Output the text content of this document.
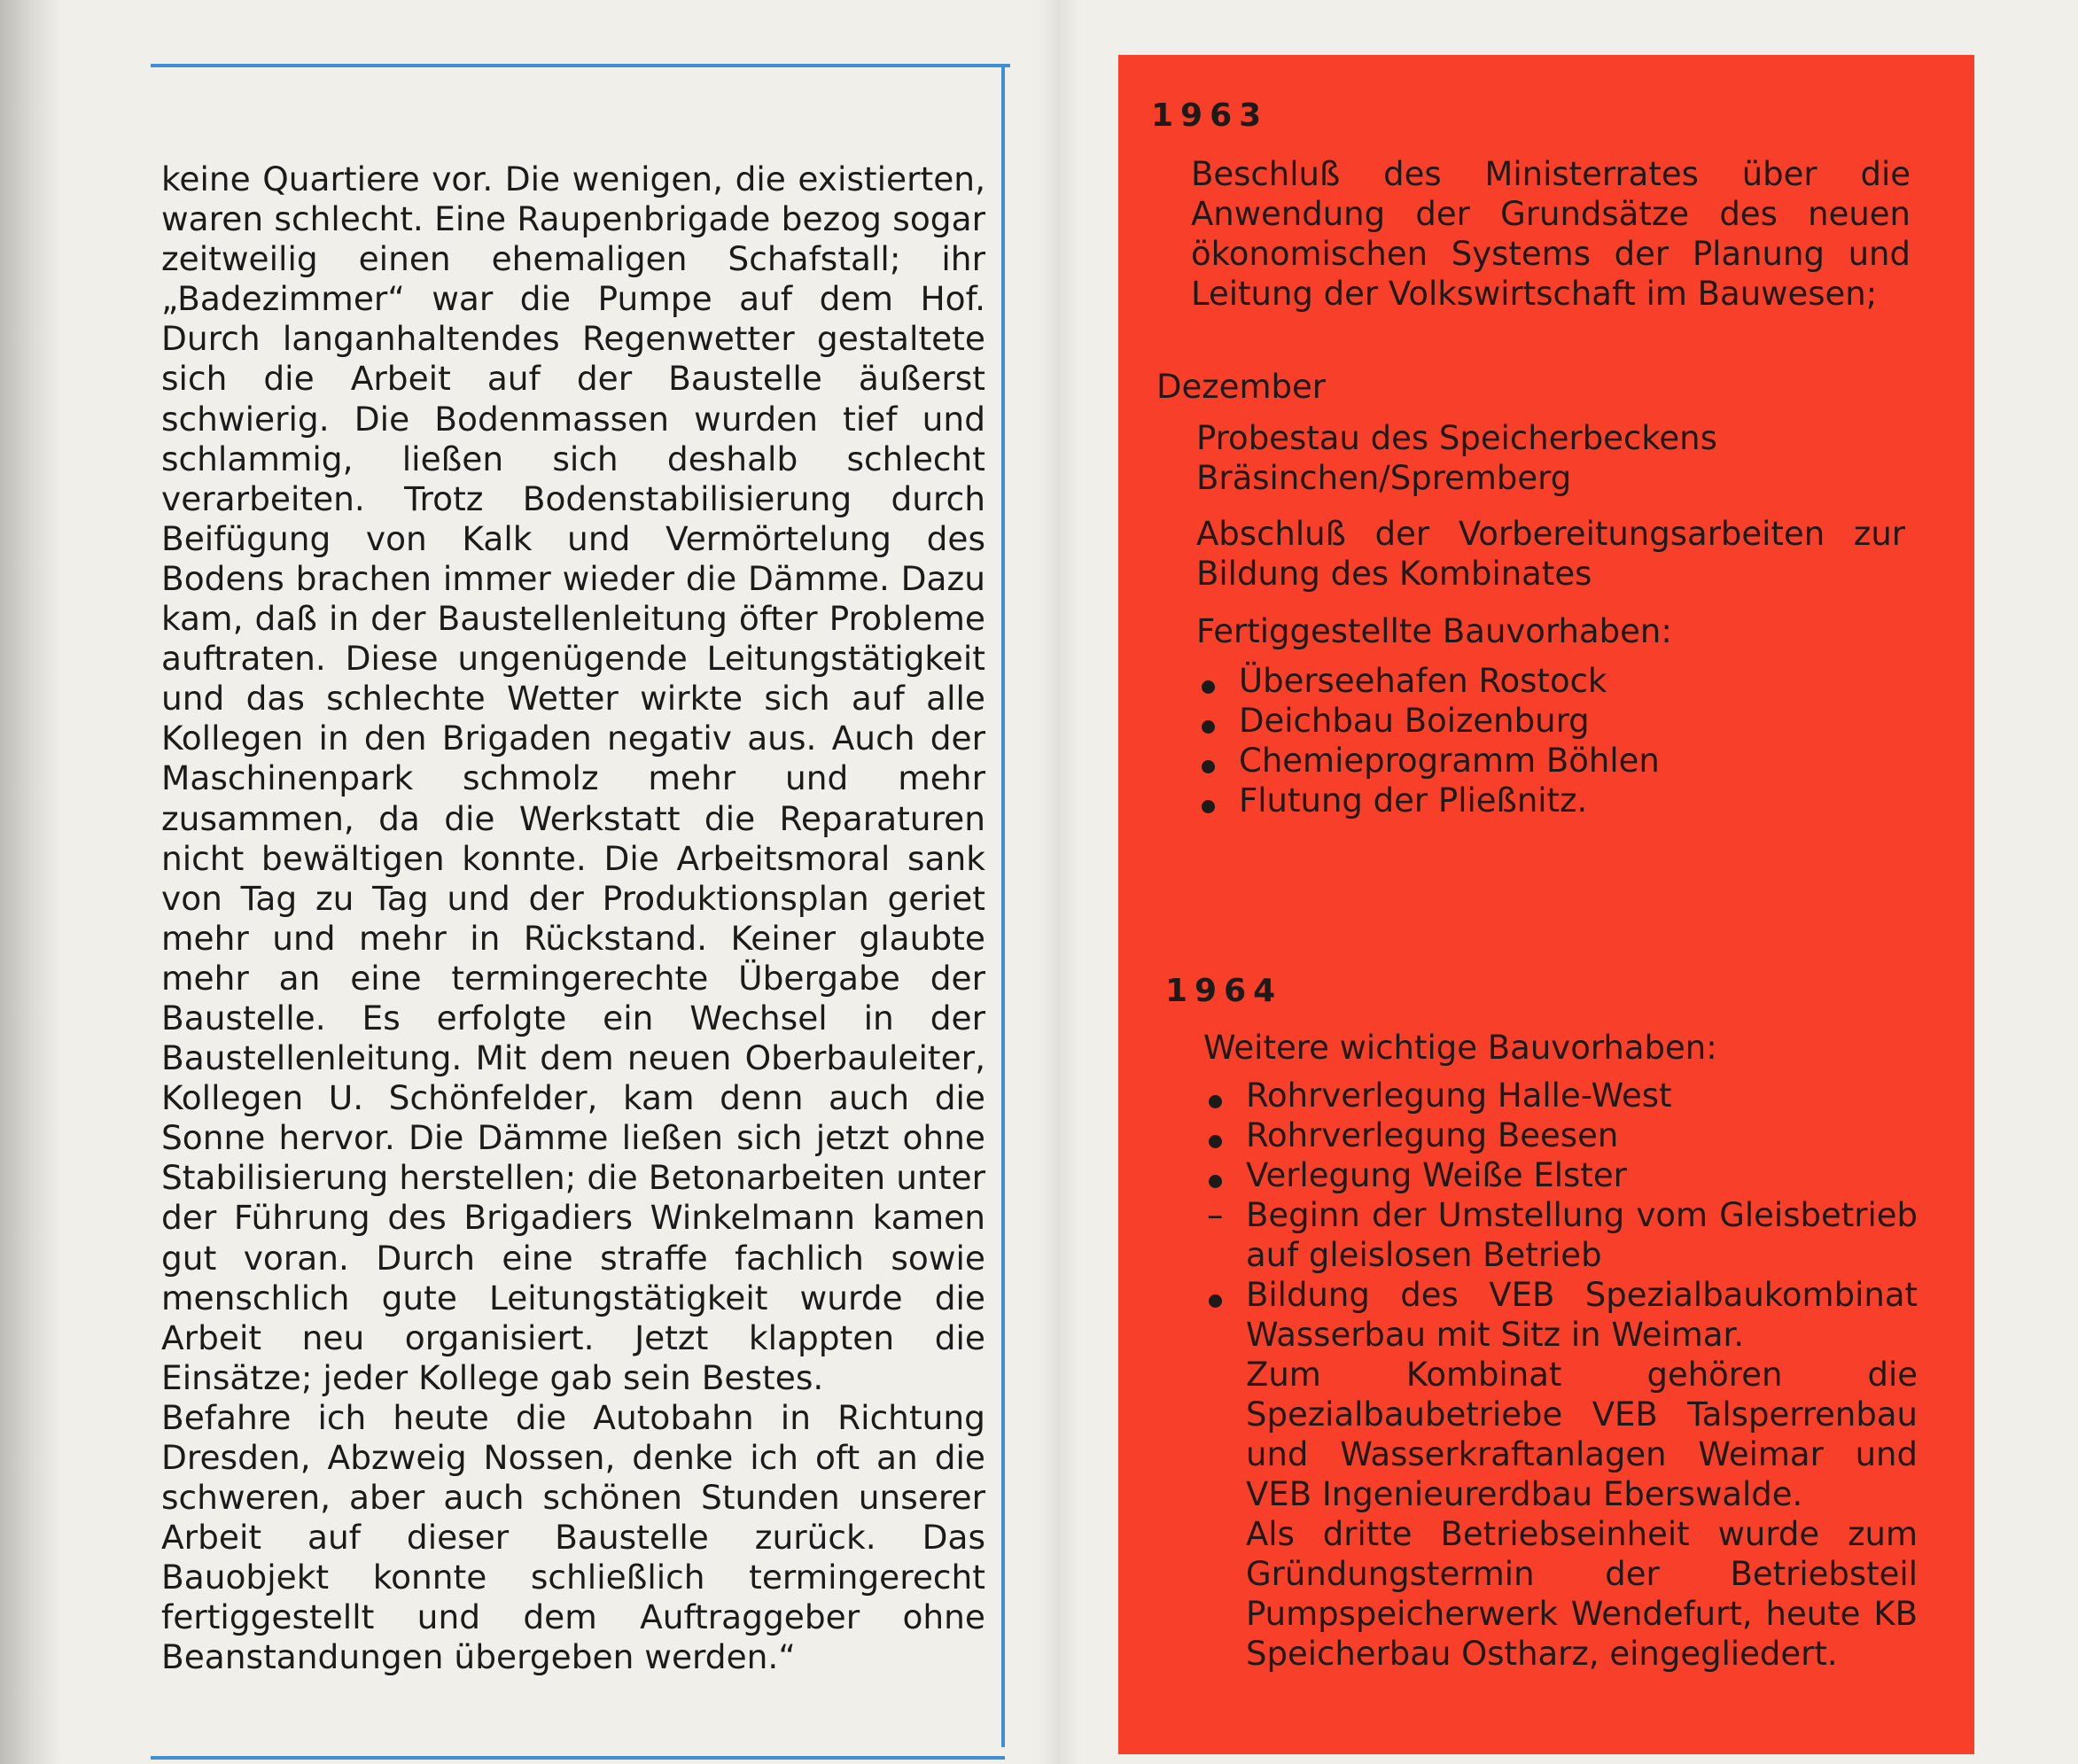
keine Quartiere vor. Die wenigen, die existierten, waren schlecht. Eine Raupenbrigade bezog sogar zeitweilig einen ehemaligen Schafstall; ihr „Badezimmer“ war die Pumpe auf dem Hof. Durch langanhaltendes Regenwetter gestaltete sich die Arbeit auf der Baustelle äußerst schwierig. Die Bodenmassen wurden tief und schlammig, ließen sich deshalb schlecht verarbeiten. Trotz Bodenstabilisierung durch Beifügung von Kalk und Vermörtelung des Bodens brachen immer wieder die Dämme. Dazu kam, daß in der Baustellenleitung öfter Probleme auftraten. Diese ungenügende Leitungstätigkeit und das schlechte Wetter wirkte sich auf alle Kollegen in den Brigaden negativ aus. Auch der Maschinenpark schmolz mehr und mehr zusammen, da die Werkstatt die Reparaturen nicht bewältigen konnte. Die Arbeitsmoral sank von Tag zu Tag und der Produktionsplan geriet mehr und mehr in Rückstand. Keiner glaubte mehr an eine termingerechte Übergabe der Baustelle. Es erfolgte ein Wechsel in der Baustellenleitung. Mit dem neuen Oberbauleiter, Kollegen U. Schönfelder, kam denn auch die Sonne hervor. Die Dämme ließen sich jetzt ohne Stabilisierung herstellen; die Betonarbeiten unter der Führung des Brigadiers Winkelmann kamen gut voran. Durch eine straffe fachlich sowie menschlich gute Leitungstätigkeit wurde die Arbeit neu organisiert. Jetzt klappten die Einsätze; jeder Kollege gab sein Bestes.

Befahre ich heute die Autobahn in Richtung Dresden, Abzweig Nossen, denke ich oft an die schweren, aber auch schönen Stunden unserer Arbeit auf dieser Baustelle zurück. Das Bauobjekt konnte schließlich termingerecht fertiggestellt und dem Auftraggeber ohne Beanstandungen übergeben werden.“

1963
Beschluß des Ministerrates über die Anwendung der Grundsätze des neuen ökonomischen Systems der Planung und Leitung der Volkswirtschaft im Bauwesen;
Dezember
Probestau des Speicherbeckens Bräsinchen/Spremberg
Abschluß der Vorbereitungsarbeiten zur Bildung des Kombinates
Fertiggestellte Bauvorhaben:
Überseehafen Rostock
Deichbau Boizenburg
Chemieprogramm Böhlen
Flutung der Pließnitz.
1964
Weitere wichtige Bauvorhaben:
Rohrverlegung Halle-West
Rohrverlegung Beesen
Verlegung Weiße Elster
– Beginn der Umstellung vom Gleisbetrieb auf gleislosen Betrieb
Bildung des VEB Spezialbaukombinat Wasserbau mit Sitz in Weimar.
Zum Kombinat gehören die Spezialbaubetriebe VEB Talsperrenbau und Wasserkraftanlagen Weimar und VEB Ingenieurerdbau Eberswalde.
Als dritte Betriebseinheit wurde zum Gründungstermin der Betriebsteil Pumpspeicherwerk Wendefurt, heute KB Speicherbau Ostharz, eingegliedert.
